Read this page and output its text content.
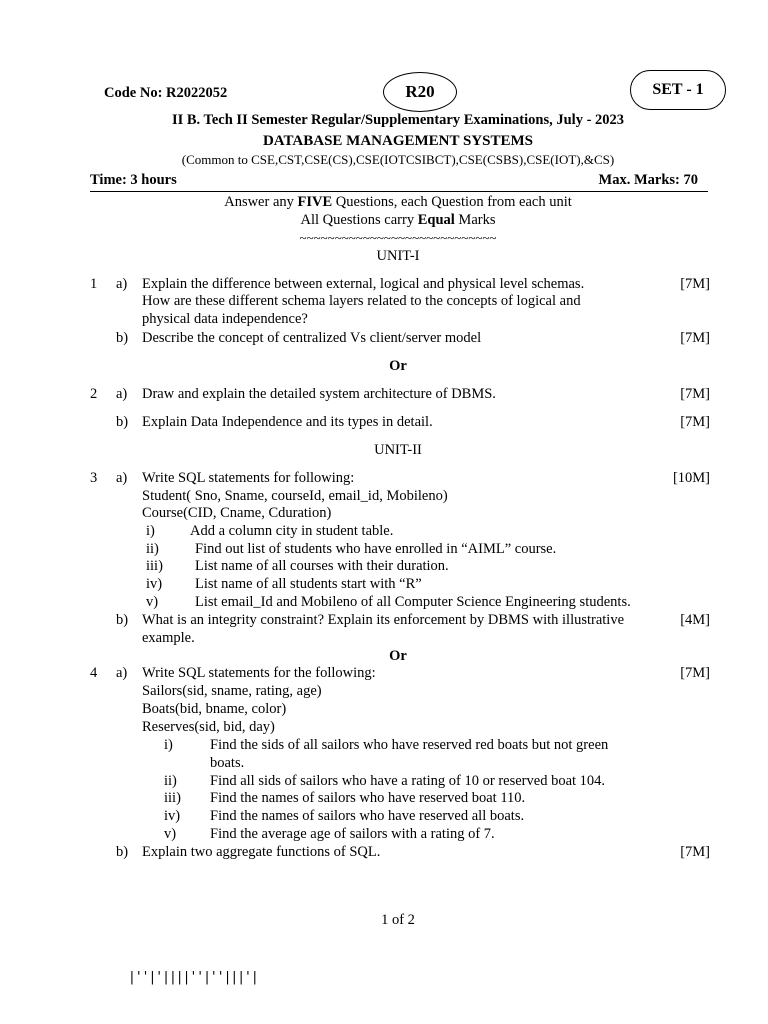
Code No: R2022052	R20	SET - 1
II B. Tech II Semester Regular/Supplementary Examinations, July - 2023
DATABASE MANAGEMENT SYSTEMS
(Common to CSE,CST,CSE(CS),CSE(IOTCSIBCT),CSE(CSBS),CSE(IOT),&CS)
Time: 3 hours	Max. Marks: 70
Answer any FIVE Questions, each Question from each unit
All Questions carry Equal Marks
~~~~~~~~~~~~~~~~~~~~~~~~~~~~
UNIT-I
1 a) Explain the difference between external, logical and physical level schemas.	[7M]
How are these different schema layers related to the concepts of logical and
physical data independence?
b) Describe the concept of centralized Vs client/server model	[7M]
Or
2 a) Draw and explain the detailed system architecture of DBMS.	[7M]
b) Explain Data Independence and its types in detail.	[7M]
UNIT-II
3 a) Write SQL statements for following:	[10M]
Student( Sno, Sname, courseId, email_id, Mobileno)
Course(CID, Cname, Cduration)
i) Add a column city in student table.
ii) Find out list of students who have enrolled in “AIML” course.
iii) List name of all courses with their duration.
iv) List name of all students start with “R”
v)	List email_Id and Mobileno of all Computer Science Engineering students.
b) What is an integrity constraint? Explain its enforcement by DBMS with illustrative	[4M]
example.
Or
4 a) Write SQL statements for the following:	[7M]
Sailors(sid, sname, rating, age)
Boats(bid, bname, color)
Reserves(sid, bid, day)
i)	Find the sids of all sailors who have reserved red boats but not green
boats.
ii) Find all sids of sailors who have a rating of 10 or reserved boat 104.
iii) Find the names of sailors who have reserved boat 110.
iv) Find the names of sailors who have reserved all boats.
v) Find the average age of sailors with a rating of 7.
b) Explain two aggregate functions of SQL.	[7M]
1 of 2
|''|'||||''|''|||'|
